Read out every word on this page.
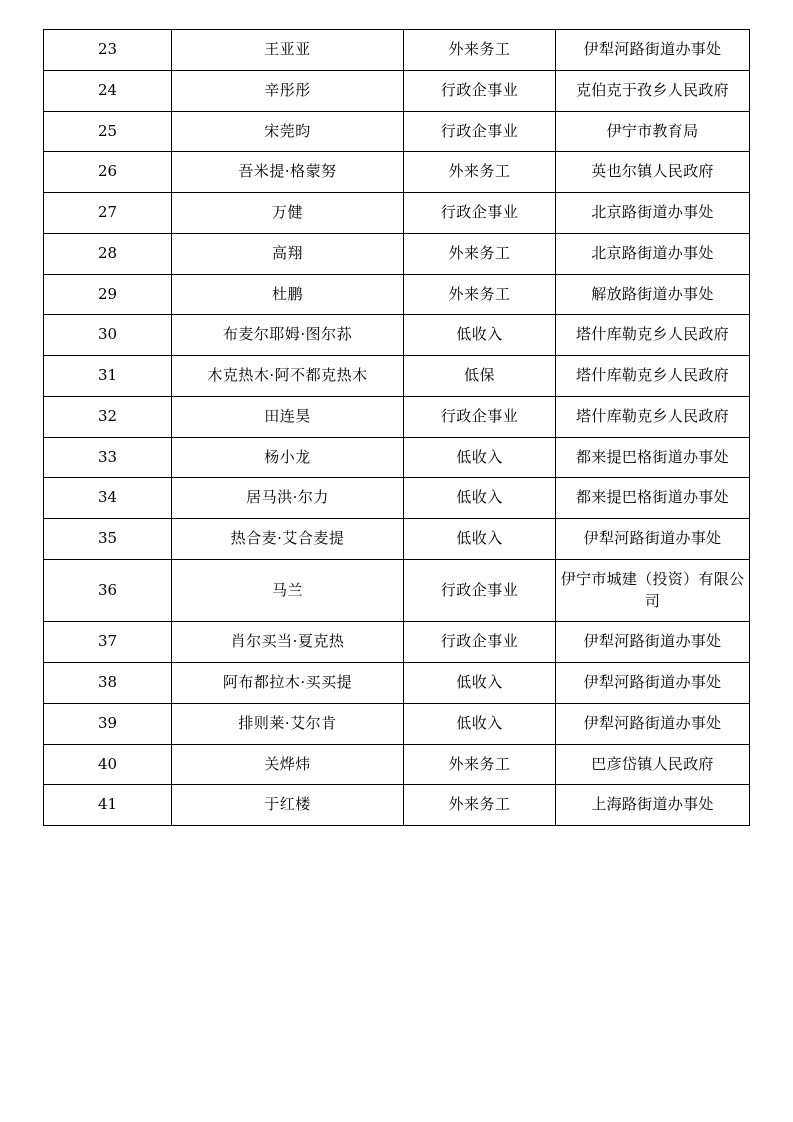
23	王亚亚	外来务工	伊犁河路街道办事处
24	辛彤彤	行政企事业	克伯克于孜乡人民政府
25	宋莞昀	行政企事业	伊宁市教育局
26	吾米提·格蒙努	外来务工	英也尔镇人民政府
27	万健	行政企事业	北京路街道办事处
28	高翔	外来务工	北京路街道办事处
29	杜鹏	外来务工	解放路街道办事处
30	布麦尔耶姆·图尔荪	低收入	塔什库勒克乡人民政府
31	木克热木·阿不都克热木	低保	塔什库勒克乡人民政府
32	田连昊	行政企事业	塔什库勒克乡人民政府
33	杨小龙	低收入	都来提巴格街道办事处
34	居马洪·尔力	低收入	都来提巴格街道办事处
35	热合麦·艾合麦提	低收入	伊犁河路街道办事处
36	马兰	行政企事业	伊宁市城建（投资）有限公司
37	肖尔买当·夏克热	行政企事业	伊犁河路街道办事处
38	阿布都拉木·买买提	低收入	伊犁河路街道办事处
39	排则莱·艾尔肯	低收入	伊犁河路街道办事处
40	关烨炜	外来务工	巴彦岱镇人民政府
41	于红楼	外来务工	上海路街道办事处
